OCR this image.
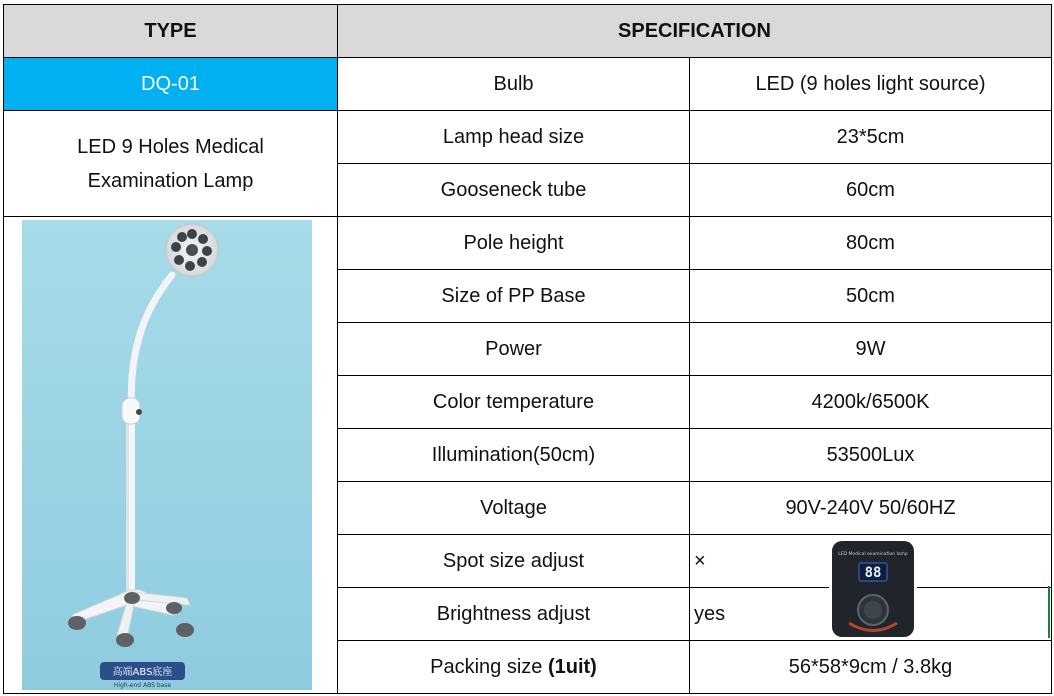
TYPE	SPECIFICATION	
DQ-01	Bulb	LED (9 holes light source)
LED 9 Holes Medical
Examination Lamp	Lamp head size	23*5cm
	Gooseneck tube	60cm

高端ABS底座
High-end ABS base	Pole height	80cm
	Size of PP Base	50cm
	Power	9W
	Color temperature	4200k/6500K
	Illumination(50cm)	53500Lux
	Voltage	90V-240V 50/60HZ
	Spot size adjust	×
	Brightness adjust	yes
	Packing size (1uit)	56*58*9cm / 3.8kg
LED Medical examination lamp
88
